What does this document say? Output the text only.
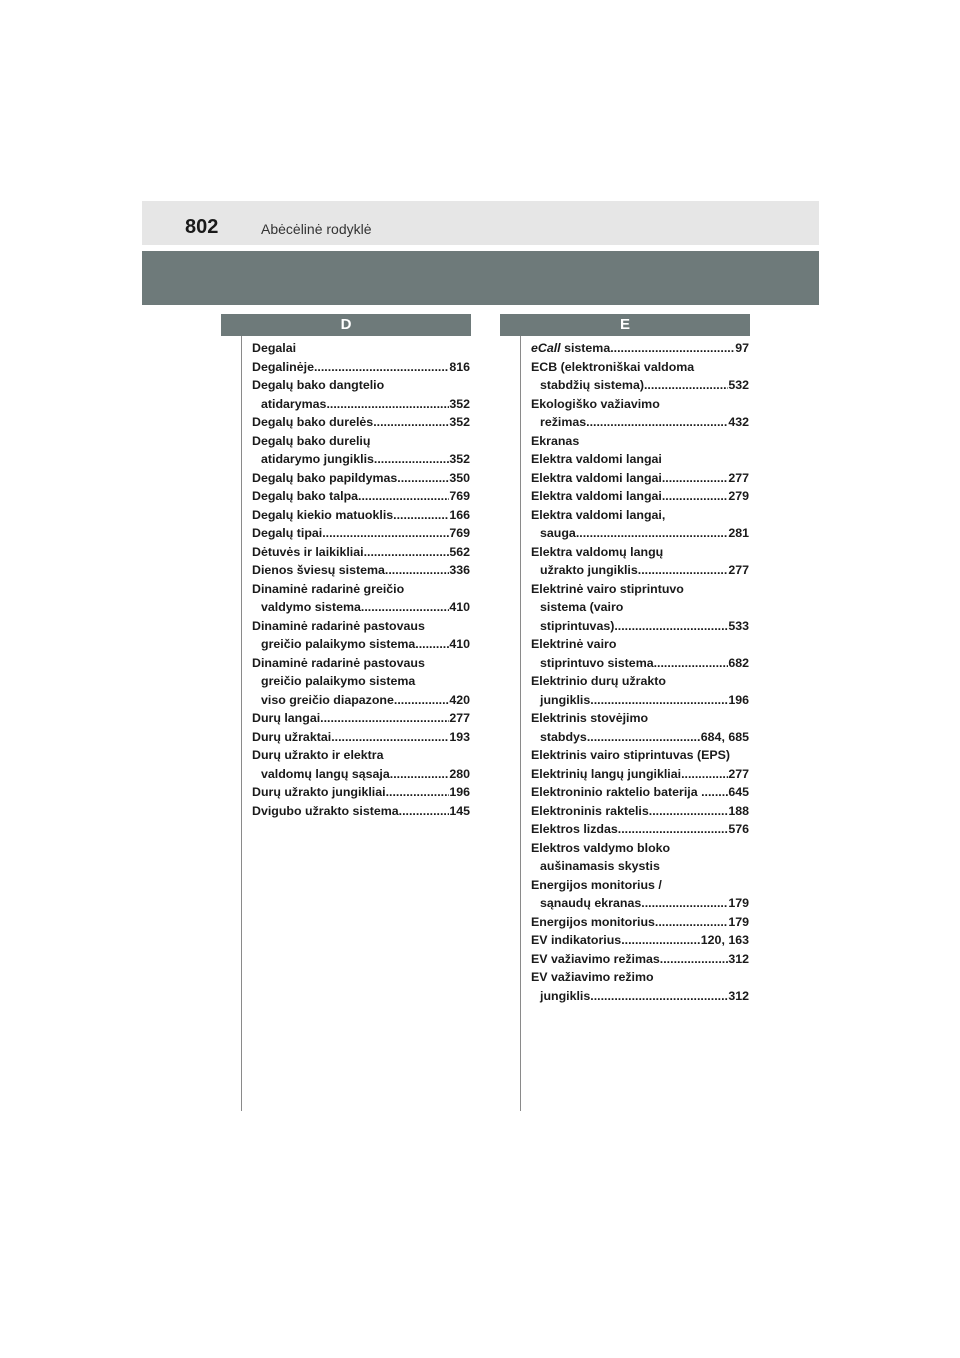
802	Abėcėlinė rodyklė
D	E
Degalai
Degalinėje .....	816
Degalų bako dangtelio
atidarymas .....	352
Degalų bako durelės .....	352
Degalų bako durelių
atidarymo jungiklis .....	352
Degalų bako papildymas .....	350
Degalų bako talpa .....	769
Degalų kiekio matuoklis .....	166
Degalų tipai .....	769
Dėtuvės ir laikikliai .....	562
Dienos šviesų sistema .....	336
Dinaminė radarinė greičio
valdymo sistema .....	410
Dinaminė radarinė pastovaus
greičio palaikymo sistema... ..... 410
Dinaminė radarinė pastovaus
greičio palaikymo sistema
viso greičio diapazone .....	420
Durų langai .....	277
Durų užraktai .....	193
Durų užrakto ir elektra
valdomų langų sąsaja .....	280
Durų užrakto jungikliai .....	196
Dvigubo užrakto sistema .....	145
eCall sistema .....	97
ECB (elektroniškai valdoma
stabdžių sistema) .....	532
Ekologiško važiavimo
režimas .....	432
Ekranas
Elektra valdomi langai
Elektra valdomi langai .....	277
Elektra valdomi langai .....	279
Elektra valdomi langai,
sauga .....	281
Elektra valdomų langų
užrakto jungiklis .....	277
Elektrinė vairo stiprintuvo
sistema (vairo
stiprintuvas) .....	533
Elektrinė vairo
stiprintuvo sistema .....	682
Elektrinio durų užrakto
jungiklis .....	196
Elektrinis stovėjimo
stabdys .....	684, 685
Elektrinis vairo stiprintuvas (EPS)
Elektrinių langų jungikliai .....	277
Elektroninio raktelio baterija .. ..... 645
Elektroninis raktelis .....	188
Elektros lizdas .....	576
Elektros valdymo bloko
aušinamasis skystis
Energijos monitorius /
sąnaudų ekranas .....	179
Energijos monitorius .....	179
EV indikatorius .....	120, 163
EV važiavimo režimas .....	312
EV važiavimo režimo
jungiklis .....	312
